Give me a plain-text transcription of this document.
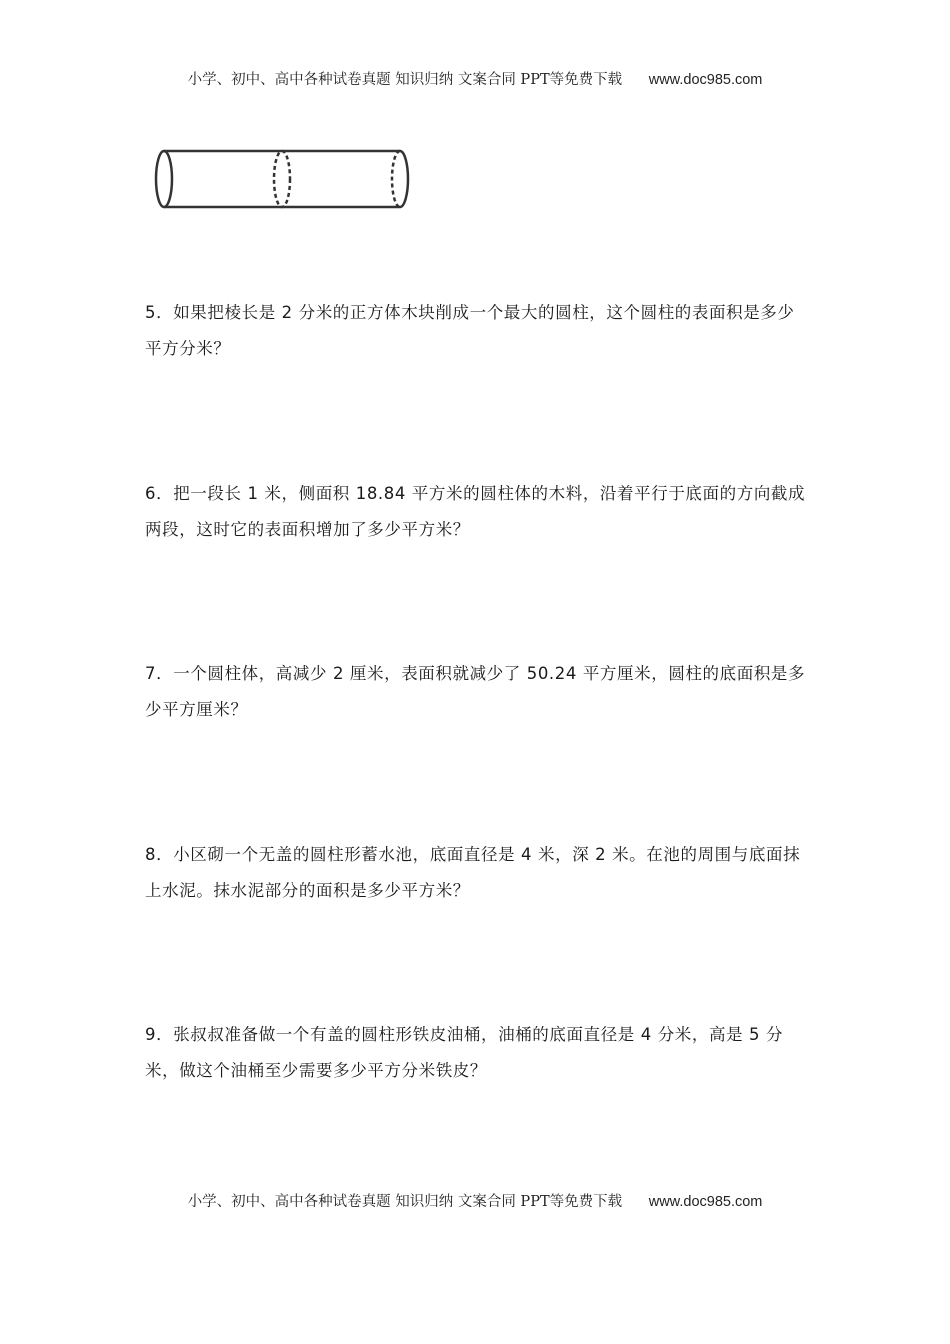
小学、初中、高中各种试卷真题 知识归纳 文案合同 PPT等免费下载 www.doc985.com
5．如果把棱长是 2 分米的正方体木块削成一个最大的圆柱，这个圆柱的表面积是多少平方分米？
6．把一段长 1 米，侧面积 18.84 平方米的圆柱体的木料，沿着平行于底面的方向截成两段，这时它的表面积增加了多少平方米？
7．一个圆柱体，高减少 2 厘米，表面积就减少了 50.24 平方厘米，圆柱的底面积是多少平方厘米？
8．小区砌一个无盖的圆柱形蓄水池，底面直径是 4 米，深 2 米。在池的周围与底面抹上水泥。抹水泥部分的面积是多少平方米？
9．张叔叔准备做一个有盖的圆柱形铁皮油桶，油桶的底面直径是 4 分米，高是 5 分米，做这个油桶至少需要多少平方分米铁皮？
小学、初中、高中各种试卷真题 知识归纳 文案合同 PPT等免费下载 www.doc985.com
